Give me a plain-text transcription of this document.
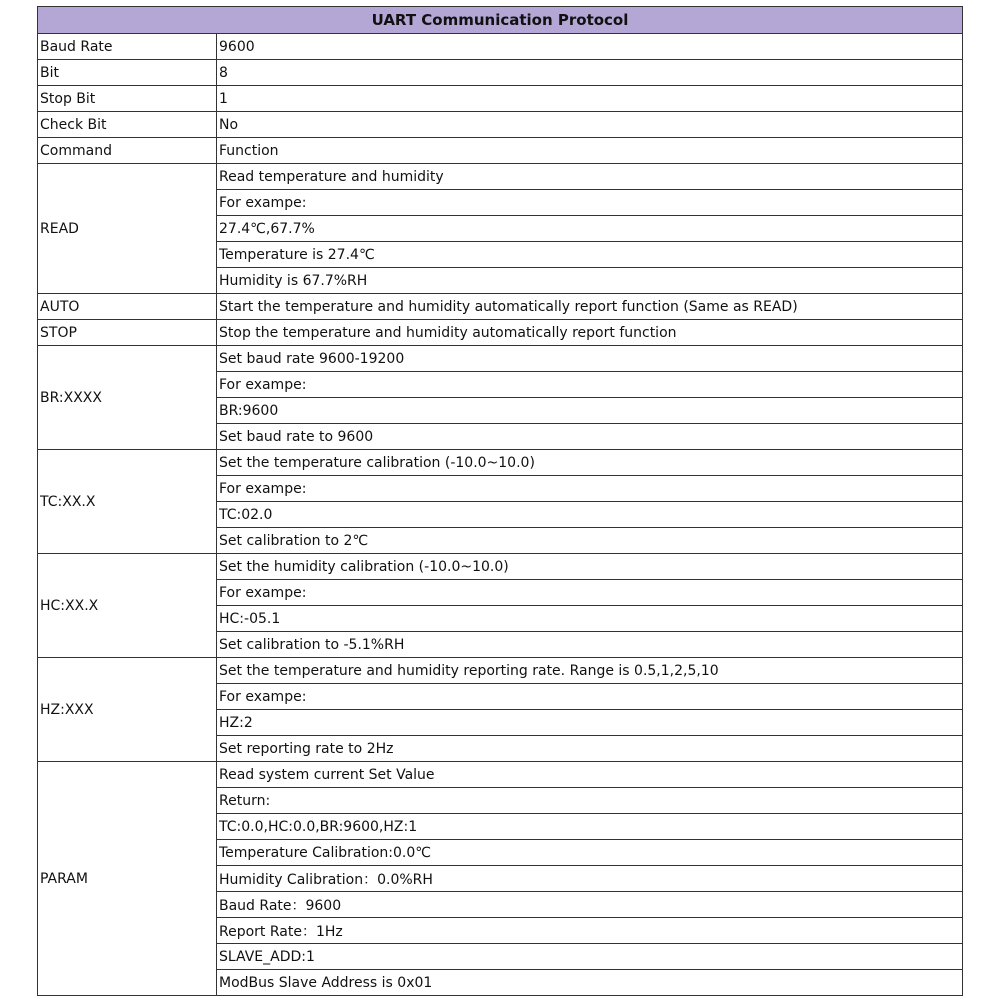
UART Communication Protocol	
Baud Rate	9600
Bit	8
Stop Bit	1
Check Bit	No
Command	Function
READ	Read temperature and humidity
	For exampe:
	27.4℃,67.7%
	Temperature is 27.4℃
	Humidity is 67.7%RH
AUTO	Start the temperature and humidity automatically report function (Same as READ)
STOP	Stop the temperature and humidity automatically report function
BR:XXXX	Set baud rate 9600-19200
	For exampe:
	BR:9600
	Set baud rate to 9600
TC:XX.X	Set the temperature calibration (-10.0~10.0)
	For exampe:
	TC:02.0
	Set calibration to 2℃
HC:XX.X	Set the humidity calibration (-10.0~10.0)
	For exampe:
	HC:-05.1
	Set calibration to -5.1%RH
HZ:XXX	Set the temperature and humidity reporting rate. Range is 0.5,1,2,5,10
	For exampe:
	HZ:2
	Set reporting rate to 2Hz
PARAM	Read system current Set Value
	Return:
	TC:0.0,HC:0.0,BR:9600,HZ:1
	Temperature Calibration:0.0℃
	Humidity Calibration：0.0%RH
	Baud Rate：9600
	Report Rate：1Hz
	SLAVE_ADD:1
	ModBus Slave Address is 0x01
